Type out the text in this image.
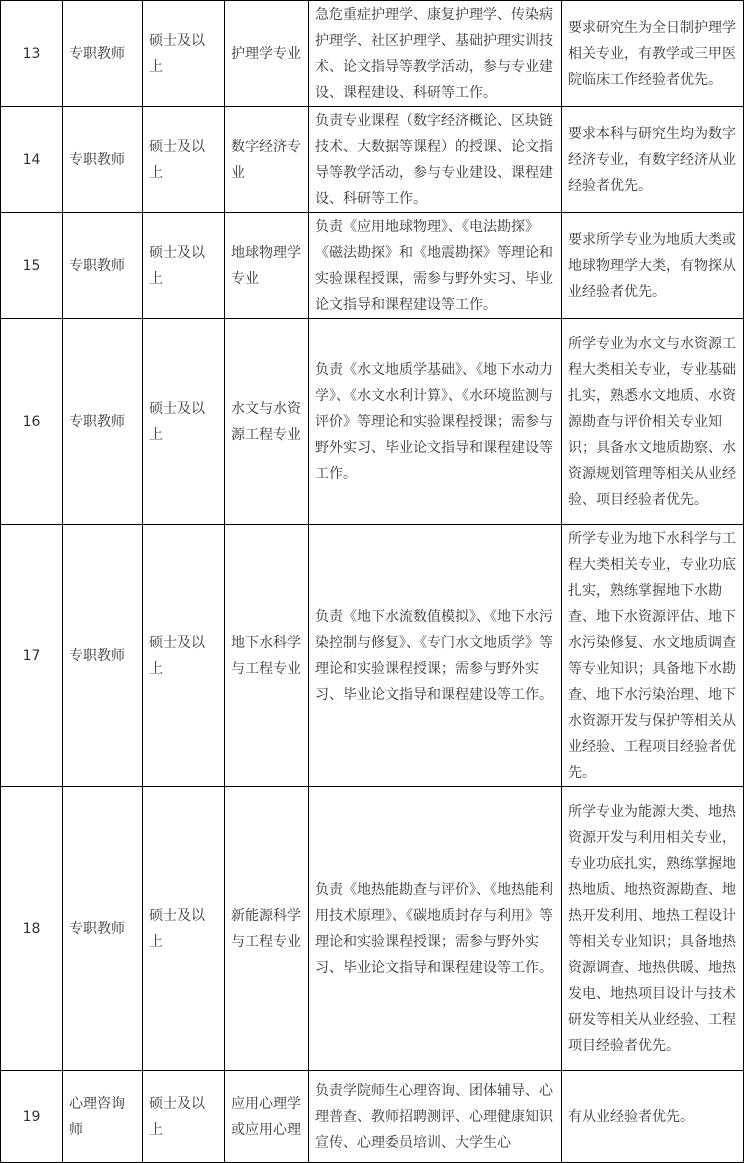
13	专职教师	硕士及以上	护理学专业	急危重症护理学、康复护理学、传染病护理学、社区护理学、基础护理实训技术、论文指导等教学活动，参与专业建设、课程建设、科研等工作。	要求研究生为全日制护理学相关专业，有教学或三甲医院临床工作经验者优先。
14	专职教师	硕士及以上	数字经济专业	负责专业课程（数字经济概论、区块链技术、大数据等课程）的授课、论文指导等教学活动，参与专业建设、课程建设、科研等工作。	要求本科与研究生均为数字经济专业，有数字经济从业经验者优先。
15	专职教师	硕士及以上	地球物理学专业	负责《应用地球物理》、《电法勘探》《磁法勘探》和《地震勘探》等理论和实验课程授课，需参与野外实习、毕业论文指导和课程建设等工作。	要求所学专业为地质大类或地球物理学大类，有物探从业经验者优先。
16	专职教师	硕士及以上	水文与水资源工程专业	负责《水文地质学基础》、《地下水动力学》、《水文水利计算》、《水环境监测与评价》等理论和实验课程授课；需参与野外实习、毕业论文指导和课程建设等工作。	所学专业为水文与水资源工程大类相关专业，专业基础扎实，熟悉水文地质、水资源勘查与评价相关专业知识；具备水文地质勘察、水资源规划管理等相关从业经验、项目经验者优先。
17	专职教师	硕士及以上	地下水科学与工程专业	负责《地下水流数值模拟》、《地下水污染控制与修复》、《专门水文地质学》等理论和实验课程授课；需参与野外实习、毕业论文指导和课程建设等工作。	所学专业为地下水科学与工程大类相关专业，专业功底扎实，熟练掌握地下水勘查、地下水资源评估、地下水污染修复、水文地质调查等专业知识；具备地下水勘查、地下水污染治理、地下水资源开发与保护等相关从业经验、工程项目经验者优先。
18	专职教师	硕士及以上	新能源科学与工程专业	负责《地热能勘查与评价》、《地热能利用技术原理》、《碳地质封存与利用》等理论和实验课程授课；需参与野外实习、毕业论文指导和课程建设等工作。	所学专业为能源大类、地热资源开发与利用相关专业，专业功底扎实，熟练掌握地热地质、地热资源勘查、地热开发利用、地热工程设计等相关专业知识；具备地热资源调查、地热供暖、地热发电、地热项目设计与技术研发等相关从业经验、工程项目经验者优先。
19	心理咨询师	硕士及以上	应用心理学或应用心理	负责学院师生心理咨询、团体辅导、心理普查、教师招聘测评、心理健康知识宣传、心理委员培训、大学生心	有从业经验者优先。
